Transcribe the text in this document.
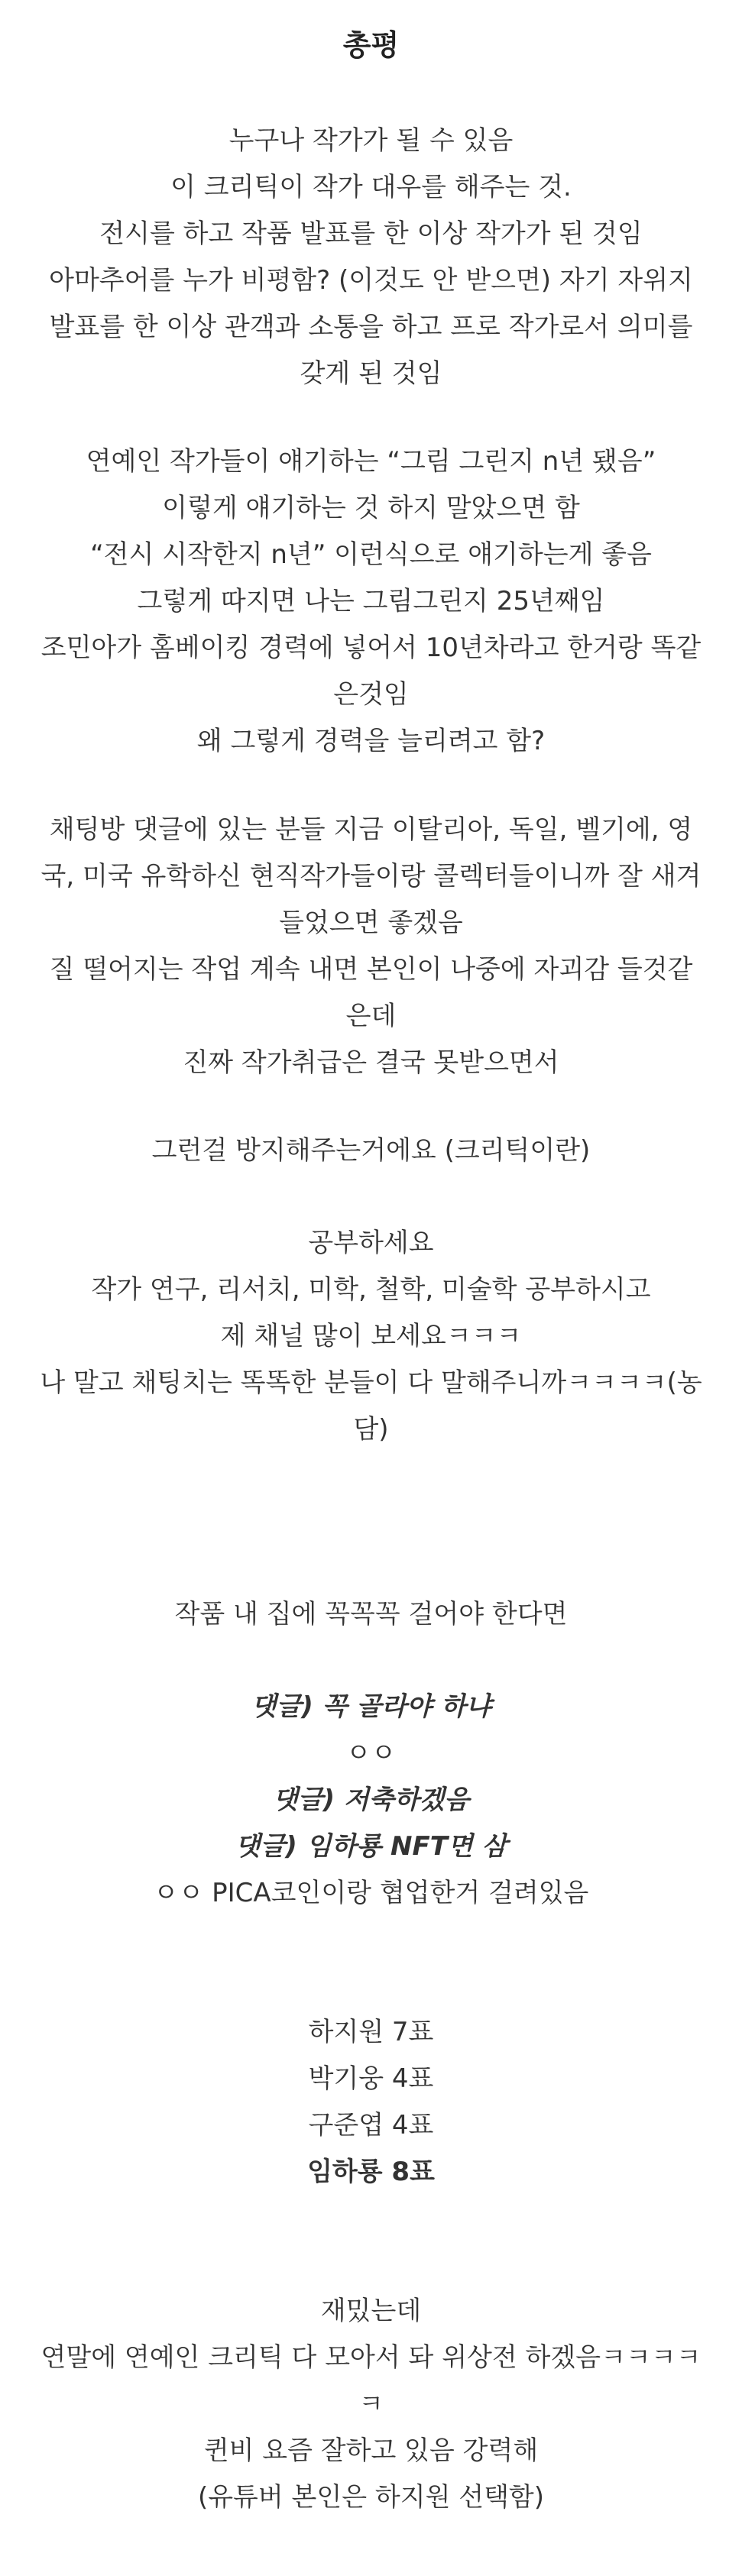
총평
누구나 작가가 될 수 있음
이 크리틱이 작가 대우를 해주는 것.
전시를 하고 작품 발표를 한 이상 작가가 된 것임
아마추어를 누가 비평함? (이것도 안 받으면) 자기 자위지
발표를 한 이상 관객과 소통을 하고 프로 작가로서 의미를
갖게 된 것임
연예인 작가들이 얘기하는 “그림 그린지 n년 됐음”
이렇게 얘기하는 것 하지 말았으면 함
“전시 시작한지 n년” 이런식으로 얘기하는게 좋음
그렇게 따지면 나는 그림그린지 25년째임
조민아가 홈베이킹 경력에 넣어서 10년차라고 한거랑 똑같
은것임
왜 그렇게 경력을 늘리려고 함?
채팅방 댓글에 있는 분들 지금 이탈리아, 독일, 벨기에, 영
국, 미국 유학하신 현직작가들이랑 콜렉터들이니까 잘 새겨
들었으면 좋겠음
질 떨어지는 작업 계속 내면 본인이 나중에 자괴감 들것같
은데
진짜 작가취급은 결국 못받으면서
그런걸 방지해주는거에요 (크리틱이란)
공부하세요
작가 연구, 리서치, 미학, 철학, 미술학 공부하시고
제 채널 많이 보세요ㅋㅋㅋ
나 말고 채팅치는 똑똑한 분들이 다 말해주니까ㅋㅋㅋㅋ(농
담)
작품 내 집에 꼭꼭꼭 걸어야 한다면
댓글) 꼭 골라야 하냐
ㅇㅇ
댓글) 저축하겠음
댓글) 임하룡 NFT면 삼
ㅇㅇ PICA코인이랑 협업한거 걸려있음
하지원 7표
박기웅 4표
구준엽 4표
임하룡 8표
재밌는데
연말에 연예인 크리틱 다 모아서 돠 위상전 하겠음ㅋㅋㅋㅋ
ㅋ
퀸비 요즘 잘하고 있음 강력해
(유튜버 본인은 하지원 선택함)
